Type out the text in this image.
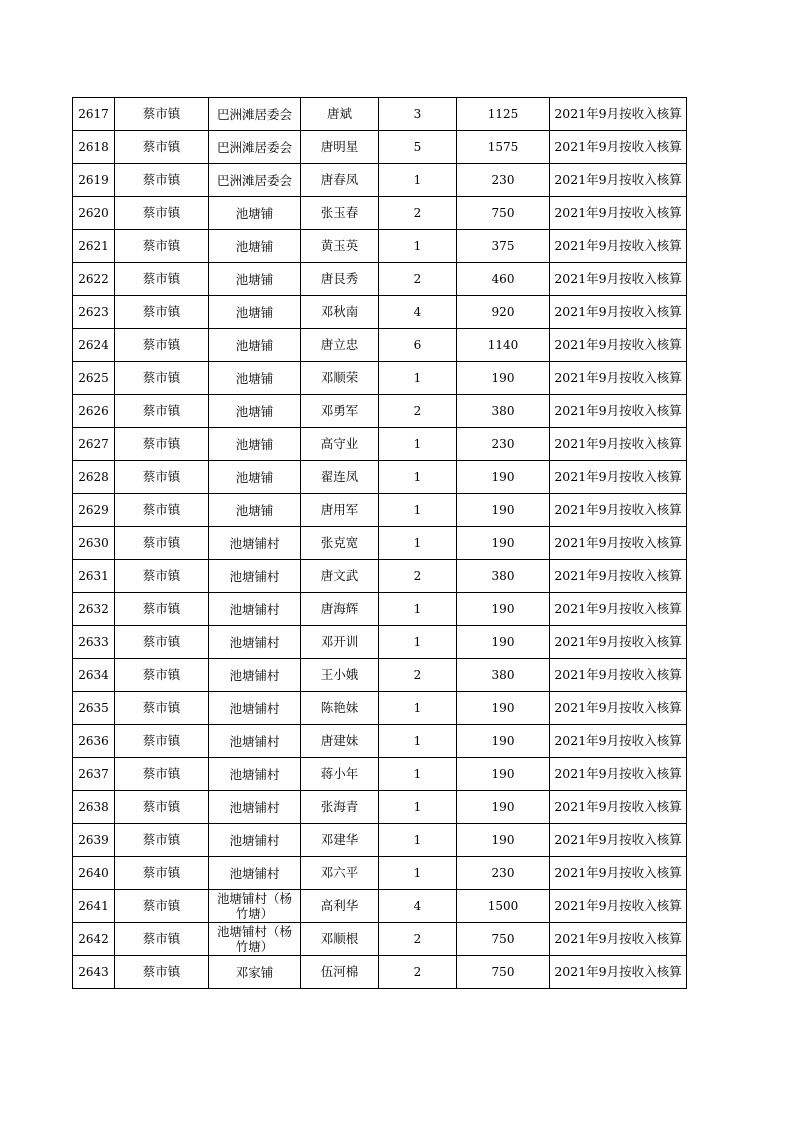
2617	蔡市镇	巴洲滩居委会	唐斌	3	1125	2021年9月按收入核算
2618	蔡市镇	巴洲滩居委会	唐明星	5	1575	2021年9月按收入核算
2619	蔡市镇	巴洲滩居委会	唐春凤	1	230	2021年9月按收入核算
2620	蔡市镇	池塘铺	张玉春	2	750	2021年9月按收入核算
2621	蔡市镇	池塘铺	黄玉英	1	375	2021年9月按收入核算
2622	蔡市镇	池塘铺	唐艮秀	2	460	2021年9月按收入核算
2623	蔡市镇	池塘铺	邓秋南	4	920	2021年9月按收入核算
2624	蔡市镇	池塘铺	唐立忠	6	1140	2021年9月按收入核算
2625	蔡市镇	池塘铺	邓顺荣	1	190	2021年9月按收入核算
2626	蔡市镇	池塘铺	邓勇军	2	380	2021年9月按收入核算
2627	蔡市镇	池塘铺	高守业	1	230	2021年9月按收入核算
2628	蔡市镇	池塘铺	翟连凤	1	190	2021年9月按收入核算
2629	蔡市镇	池塘铺	唐用军	1	190	2021年9月按收入核算
2630	蔡市镇	池塘铺村	张克宽	1	190	2021年9月按收入核算
2631	蔡市镇	池塘铺村	唐文武	2	380	2021年9月按收入核算
2632	蔡市镇	池塘铺村	唐海辉	1	190	2021年9月按收入核算
2633	蔡市镇	池塘铺村	邓开训	1	190	2021年9月按收入核算
2634	蔡市镇	池塘铺村	王小娥	2	380	2021年9月按收入核算
2635	蔡市镇	池塘铺村	陈艳妹	1	190	2021年9月按收入核算
2636	蔡市镇	池塘铺村	唐建妹	1	190	2021年9月按收入核算
2637	蔡市镇	池塘铺村	蒋小年	1	190	2021年9月按收入核算
2638	蔡市镇	池塘铺村	张海青	1	190	2021年9月按收入核算
2639	蔡市镇	池塘铺村	邓建华	1	190	2021年9月按收入核算
2640	蔡市镇	池塘铺村	邓六平	1	230	2021年9月按收入核算
2641	蔡市镇	池塘铺村（杨竹塘）	高利华	4	1500	2021年9月按收入核算
2642	蔡市镇	池塘铺村（杨竹塘）	邓顺根	2	750	2021年9月按收入核算
2643	蔡市镇	邓家铺	伍河棉	2	750	2021年9月按收入核算
